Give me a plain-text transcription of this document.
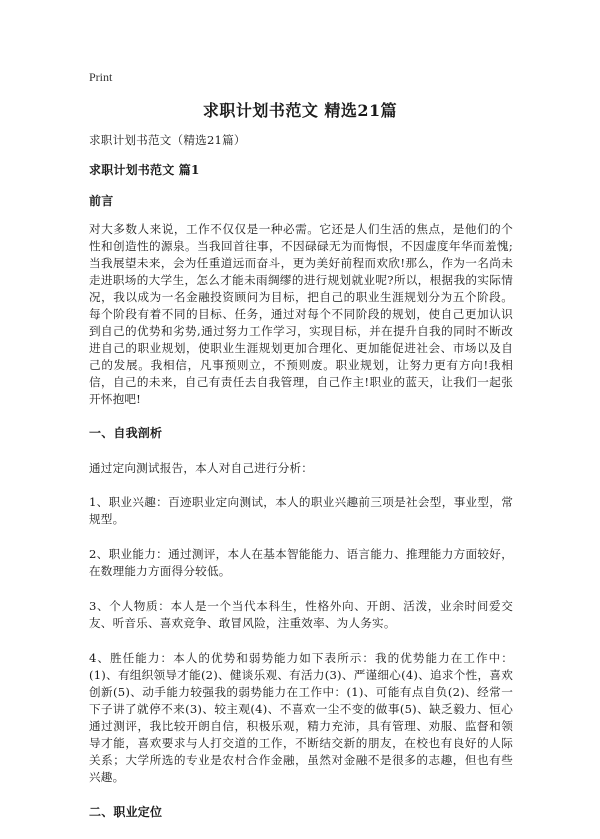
Print
求职计划书范文 精选21篇

求职计划书范文（精选21篇）

求职计划书范文 篇1

前言

对大多数人来说，工作不仅仅是一种必需。它还是人们生活的焦点，是他们的个性和创造性的源泉。当我回首往事，不因碌碌无为而悔恨，不因虚度年华而羞愧;当我展望未来，会为任重道远而奋斗，更为美好前程而欢欣!那么，作为一名尚未走进职场的大学生，怎么才能未雨绸缪的进行规划就业呢?所以，根据我的实际情况，我以成为一名金融投资顾问为目标，把自己的职业生涯规划分为五个阶段。每个阶段有着不同的目标、任务，通过对每个不同阶段的规划，使自己更加认识到自己的优势和劣势,通过努力工作学习，实现目标，并在提升自我的同时不断改进自己的职业规划，使职业生涯规划更加合理化、更加能促进社会、市场以及自己的发展。我相信，凡事预则立，不预则废。职业规划，让努力更有方向!我相信，自己的未来，自己有责任去自我管理，自己作主!职业的蓝天，让我们一起张开怀抱吧!

一、自我剖析

通过定向测试报告，本人对自己进行分析：

1、职业兴趣：百迹职业定向测试，本人的职业兴趣前三项是社会型，事业型，常规型。

2、职业能力：通过测评，本人在基本智能能力、语言能力、推理能力方面较好，在数理能力方面得分较低。

3、个人物质：本人是一个当代本科生，性格外向、开朗、活泼，业余时间爱交友、听音乐、喜欢竞争、敢冒风险，注重效率、为人务实。

4、胜任能力：本人的优势和弱势能力如下表所示：我的优势能力在工作中：(1)、有组织领导才能(2)、健谈乐观、有活力(3)、严谨细心(4)、追求个性，喜欢创新(5)、动手能力较强我的弱势能力在工作中：(1)、可能有点自负(2)、经常一下子讲了就停不来(3)、较主观(4)、不喜欢一尘不变的做事(5)、缺乏毅力、恒心通过测评，我比较开朗自信，积极乐观，精力充沛，具有管理、劝服、监督和领导才能，喜欢要求与人打交道的工作，不断结交新的朋友，在校也有良好的人际关系；大学所选的专业是农村合作金融，虽然对金融不是很多的志趣，但也有些兴趣。

二、职业定位
